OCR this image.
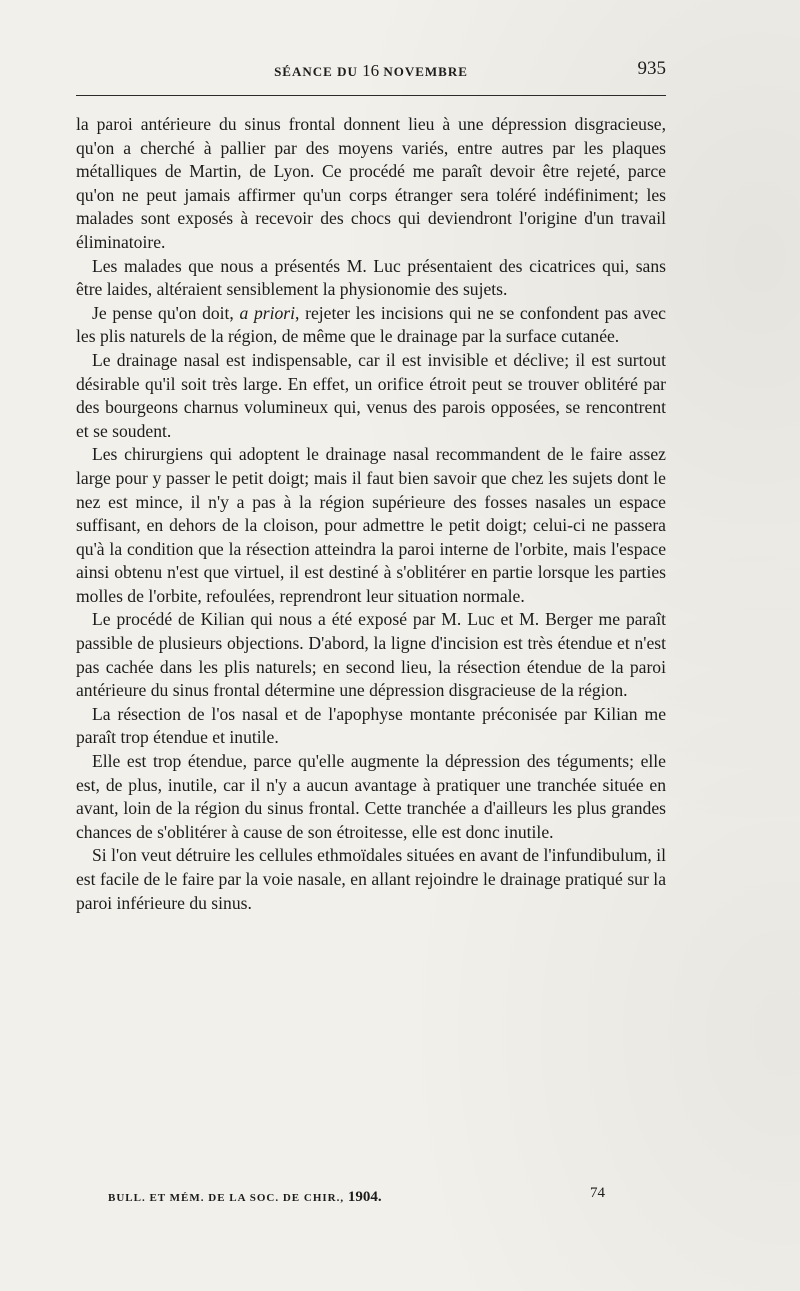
SÉANCE DU 16 NOVEMBRE	935

la paroi antérieure du sinus frontal donnent lieu à une dépression disgracieuse, qu'on a cherché à pallier par des moyens variés, entre autres par les plaques métalliques de Martin, de Lyon. Ce procédé me paraît devoir être rejeté, parce qu'on ne peut jamais affirmer qu'un corps étranger sera toléré indéfiniment; les malades sont exposés à recevoir des chocs qui deviendront l'origine d'un travail éliminatoire.

Les malades que nous a présentés M. Luc présentaient des cicatrices qui, sans être laides, altéraient sensiblement la physionomie des sujets.

Je pense qu'on doit, a priori, rejeter les incisions qui ne se confondent pas avec les plis naturels de la région, de même que le drainage par la surface cutanée.

Le drainage nasal est indispensable, car il est invisible et déclive; il est surtout désirable qu'il soit très large. En effet, un orifice étroit peut se trouver oblitéré par des bourgeons charnus volumineux qui, venus des parois opposées, se rencontrent et se soudent.

Les chirurgiens qui adoptent le drainage nasal recommandent de le faire assez large pour y passer le petit doigt; mais il faut bien savoir que chez les sujets dont le nez est mince, il n'y a pas à la région supérieure des fosses nasales un espace suffisant, en dehors de la cloison, pour admettre le petit doigt; celui-ci ne passera qu'à la condition que la résection atteindra la paroi interne de l'orbite, mais l'espace ainsi obtenu n'est que virtuel, il est destiné à s'oblitérer en partie lorsque les parties molles de l'orbite, refoulées, reprendront leur situation normale.

Le procédé de Kilian qui nous a été exposé par M. Luc et M. Berger me paraît passible de plusieurs objections. D'abord, la ligne d'incision est très étendue et n'est pas cachée dans les plis naturels; en second lieu, la résection étendue de la paroi antérieure du sinus frontal détermine une dépression disgracieuse de la région.

La résection de l'os nasal et de l'apophyse montante préconisée par Kilian me paraît trop étendue et inutile.

Elle est trop étendue, parce qu'elle augmente la dépression des téguments; elle est, de plus, inutile, car il n'y a aucun avantage à pratiquer une tranchée située en avant, loin de la région du sinus frontal. Cette tranchée a d'ailleurs les plus grandes chances de s'oblitérer à cause de son étroitesse, elle est donc inutile.

Si l'on veut détruire les cellules ethmoïdales situées en avant de l'infundibulum, il est facile de le faire par la voie nasale, en allant rejoindre le drainage pratiqué sur la paroi inférieure du sinus.

BULL. ET MÉM. DE LA SOC. DE CHIR., 1904.	74
